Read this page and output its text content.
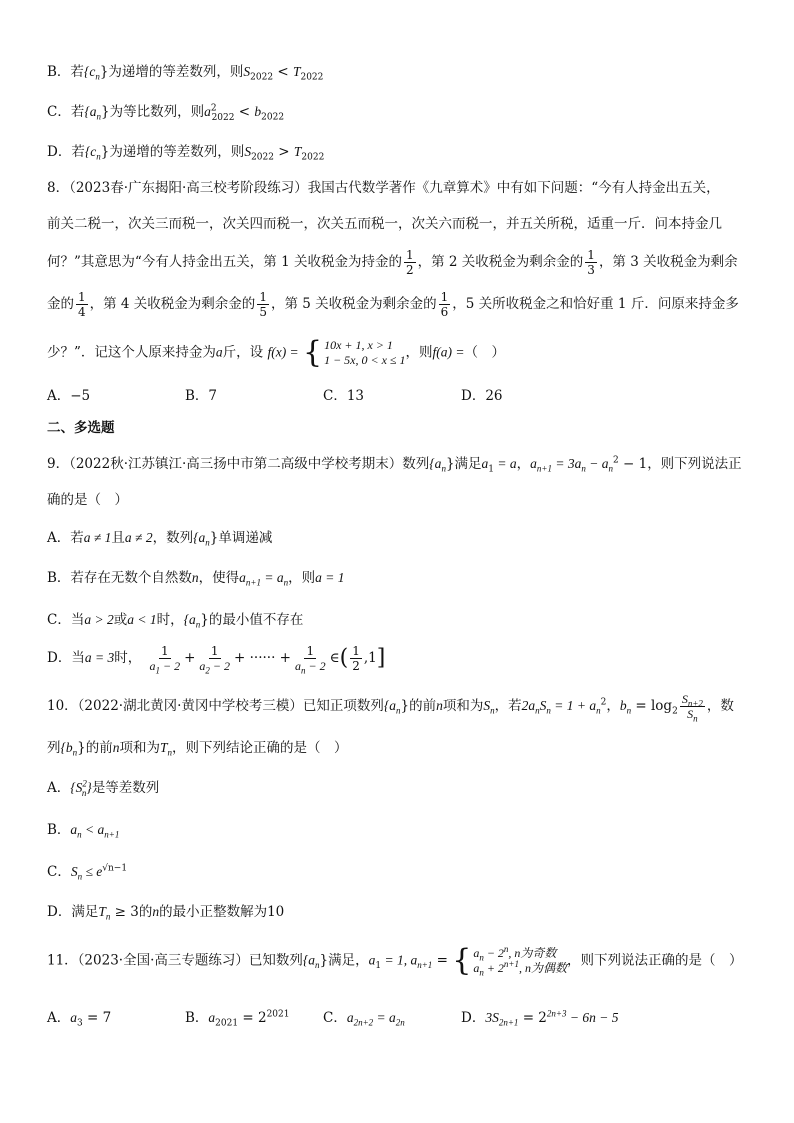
B．若$\{c_n\}$为递增的等差数列，则$S_{2022} < T_{2022}$
C．若$\{a_n\}$为等比数列，则$a^2_{2022} < b_{2022}$
D．若$\{c_n\}$为递增的等差数列，则$S_{2022} > T_{2022}$
8．（2023春·广东揭阳·高三校考阶段练习）我国古代数学著作《九章算术》中有如下问题：“今有人持金出五关，
前关二税一，次关三而税一，次关四而税一，次关五而税一，次关六而税一，并五关所税，适重一斤．问本持金几
何？”其意思为“今有人持金出五关，第 1 关收税金为持金的 $\frac{1}{2}$ ，第 2 关收税金为剩余金的 $\frac{1}{3}$ ，第 3 关收税金为剩余
金的 $\frac{1}{4}$ ，第 4 关收税金为剩余金的 $\frac{1}{5}$ ，第 5 关收税金为剩余金的 $\frac{1}{6}$ ，5 关所收税金之和恰好重 1 斤．问原来持金多
少？”．记这个人原来持金为a斤，设 f(x) = { 10x + 1, x > 1
1 − 5x, 0 < x ≤ 1 ，则f(a) =（　）
A．−5	B．7	C．13	D．26
二、多选题
9．（2022秋·江苏镇江·高三扬中市第二高级中学校考期末）数列$\{a_n\}$满足$a_1 = a$，$a_{n+1} = 3a_n - a_n^2 - 1$，则下列说法正
确的是（　）
A．若a ≠ 1且a ≠ 2，数列$\{a_n\}$单调递减
B．若存在无数个自然数n，使得$a_{n+1} = a_n$，则a = 1
C．当a > 2或a < 1时，$\{a_n\}$的最小值不存在
D．当a = 3时， $\frac{1}{a_1 - 2} + \frac{1}{a_2 - 2}$ + ······ + $\frac{1}{a_n - 2}$ ∈( $\frac{1}{2} ,1$]
10．（2022·湖北黄冈·黄冈中学校考三模）已知正项数列$\{a_n\}$的前n项和为$S_n$，若$2a_nS_n = 1 + a_n^2$，$b_n = \log_2 \frac{S_{n+2}}{S_n}$ ，数
列$\{b_n\}$的前n项和为$T_n$，则下列结论正确的是（　）
A．$\{S^2_n\}$是等差数列
B．$a_n < a_{n+1}$
C．$S_n \le e^{√n-1}$
D．满足$T_n \ge 3$的n的最小正整数解为10
11．（2023·全国·高三专题练习）已知数列$\{a_n\}$满足，$a_1 = 1$, $a_{n+1}$ = { $a_n - 2^n$, n为奇数
$a_n + 2^{n+1}$, n为偶数 ，则下列说法正确的是（　）
A．$a_3 = 7$	B．$a_{2021} = 2^{2021}$ C．$a_{2n+2} = a_{2n}$	D．$3S_{2n+1} = 2^{2n+3} - 6n - 5$
